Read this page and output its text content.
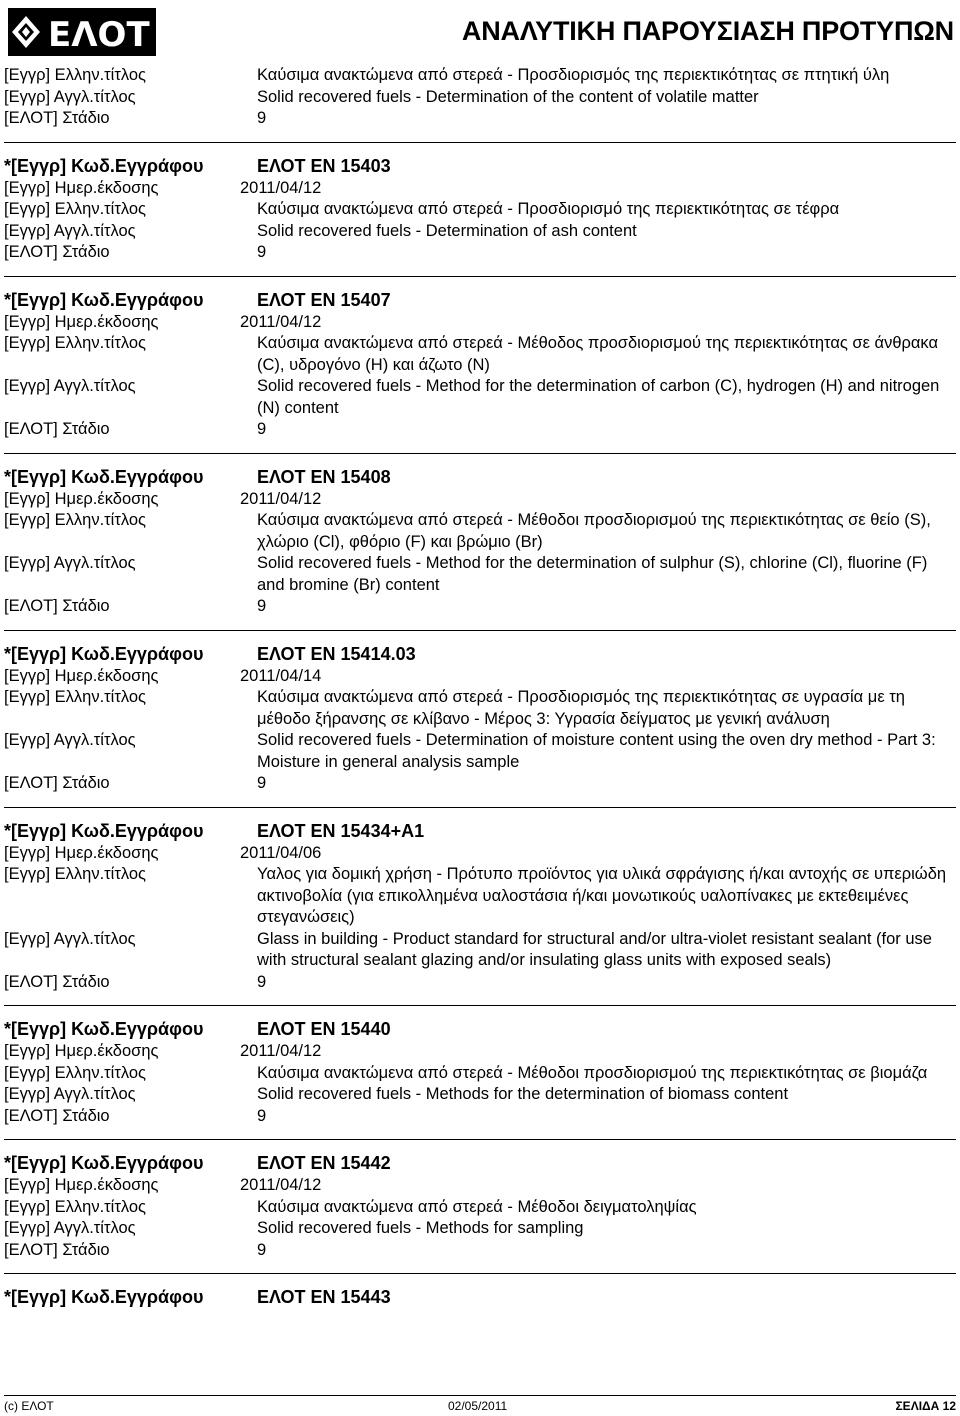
ΕΛΟΤ	ΑΝΑΛΥΤΙΚΗ ΠΑΡΟΥΣΙΑΣΗ ΠΡΟΤΥΠΩΝ
[Εγγρ] Ελλην.τίτλος	Καύσιμα ανακτώμενα από στερεά - Προσδιορισμός της περιεκτικότητας σε πτητική ύλη
[Εγγρ] Αγγλ.τίτλος	Solid recovered fuels - Determination of the content of volatile matter
[ΕΛΟΤ] Στάδιο	9
*[Εγγρ] Κωδ.Εγγράφου	ΕΛΟΤ EN 15403
[Εγγρ] Ημερ.έκδοσης	2011/04/12
[Εγγρ] Ελλην.τίτλος	Καύσιμα ανακτώμενα από στερεά - Προσδιορισμό της περιεκτικότητας σε τέφρα
[Εγγρ] Αγγλ.τίτλος	Solid recovered fuels - Determination of ash content
[ΕΛΟΤ] Στάδιο	9
*[Εγγρ] Κωδ.Εγγράφου	ΕΛΟΤ EN 15407
[Εγγρ] Ημερ.έκδοσης	2011/04/12
[Εγγρ] Ελλην.τίτλος	Καύσιμα ανακτώμενα από στερεά - Μέθοδος προσδιορισμού της περιεκτικότητας σε άνθρακα (C), υδρογόνο (H) και άζωτο (N)
[Εγγρ] Αγγλ.τίτλος	Solid recovered fuels - Method for the determination of carbon (C), hydrogen (H) and nitrogen (N) content
[ΕΛΟΤ] Στάδιο	9
*[Εγγρ] Κωδ.Εγγράφου	ΕΛΟΤ EN 15408
[Εγγρ] Ημερ.έκδοσης	2011/04/12
[Εγγρ] Ελλην.τίτλος	Καύσιμα ανακτώμενα από στερεά - Μέθοδοι προσδιορισμού της περιεκτικότητας σε θείο (S), χλώριο (Cl), φθόριο (F) και βρώμιο (Br)
[Εγγρ] Αγγλ.τίτλος	Solid recovered fuels - Method for the determination of sulphur (S), chlorine (Cl), fluorine (F) and bromine (Br) content
[ΕΛΟΤ] Στάδιο	9
*[Εγγρ] Κωδ.Εγγράφου	ΕΛΟΤ EN 15414.03
[Εγγρ] Ημερ.έκδοσης	2011/04/14
[Εγγρ] Ελλην.τίτλος	Καύσιμα ανακτώμενα από στερεά - Προσδιορισμός της περιεκτικότητας σε υγρασία με τη μέθοδο ξήρανσης σε κλίβανο - Μέρος 3: Υγρασία δείγματος με γενική ανάλυση
[Εγγρ] Αγγλ.τίτλος	Solid recovered fuels - Determination of moisture content using the oven dry method - Part 3: Moisture in general analysis sample
[ΕΛΟΤ] Στάδιο	9
*[Εγγρ] Κωδ.Εγγράφου	ΕΛΟΤ EN 15434+A1
[Εγγρ] Ημερ.έκδοσης	2011/04/06
[Εγγρ] Ελλην.τίτλος	Υαλος για δομική χρήση - Πρότυπο προϊόντος για υλικά σφράγισης ή/και αντοχής σε υπεριώδη ακτινοβολία (για επικολλημένα υαλοστάσια ή/και μονωτικούς υαλοπίνακες με εκτεθειμένες στεγανώσεις)
[Εγγρ] Αγγλ.τίτλος	Glass in building - Product standard for structural and/or ultra-violet resistant sealant (for use with structural sealant glazing and/or insulating glass units with exposed seals)
[ΕΛΟΤ] Στάδιο	9
*[Εγγρ] Κωδ.Εγγράφου	ΕΛΟΤ EN 15440
[Εγγρ] Ημερ.έκδοσης	2011/04/12
[Εγγρ] Ελλην.τίτλος	Καύσιμα ανακτώμενα από στερεά - Μέθοδοι προσδιορισμού της περιεκτικότητας σε βιομάζα
[Εγγρ] Αγγλ.τίτλος	Solid recovered fuels - Methods for the determination of biomass content
[ΕΛΟΤ] Στάδιο	9
*[Εγγρ] Κωδ.Εγγράφου	ΕΛΟΤ EN 15442
[Εγγρ] Ημερ.έκδοσης	2011/04/12
[Εγγρ] Ελλην.τίτλος	Καύσιμα ανακτώμενα από στερεά - Μέθοδοι δειγματοληψίας
[Εγγρ] Αγγλ.τίτλος	Solid recovered fuels - Methods for sampling
[ΕΛΟΤ] Στάδιο	9
*[Εγγρ] Κωδ.Εγγράφου	ΕΛΟΤ EN 15443
(c) ΕΛΟΤ	02/05/2011	ΣΕΛΙΔΑ 12
